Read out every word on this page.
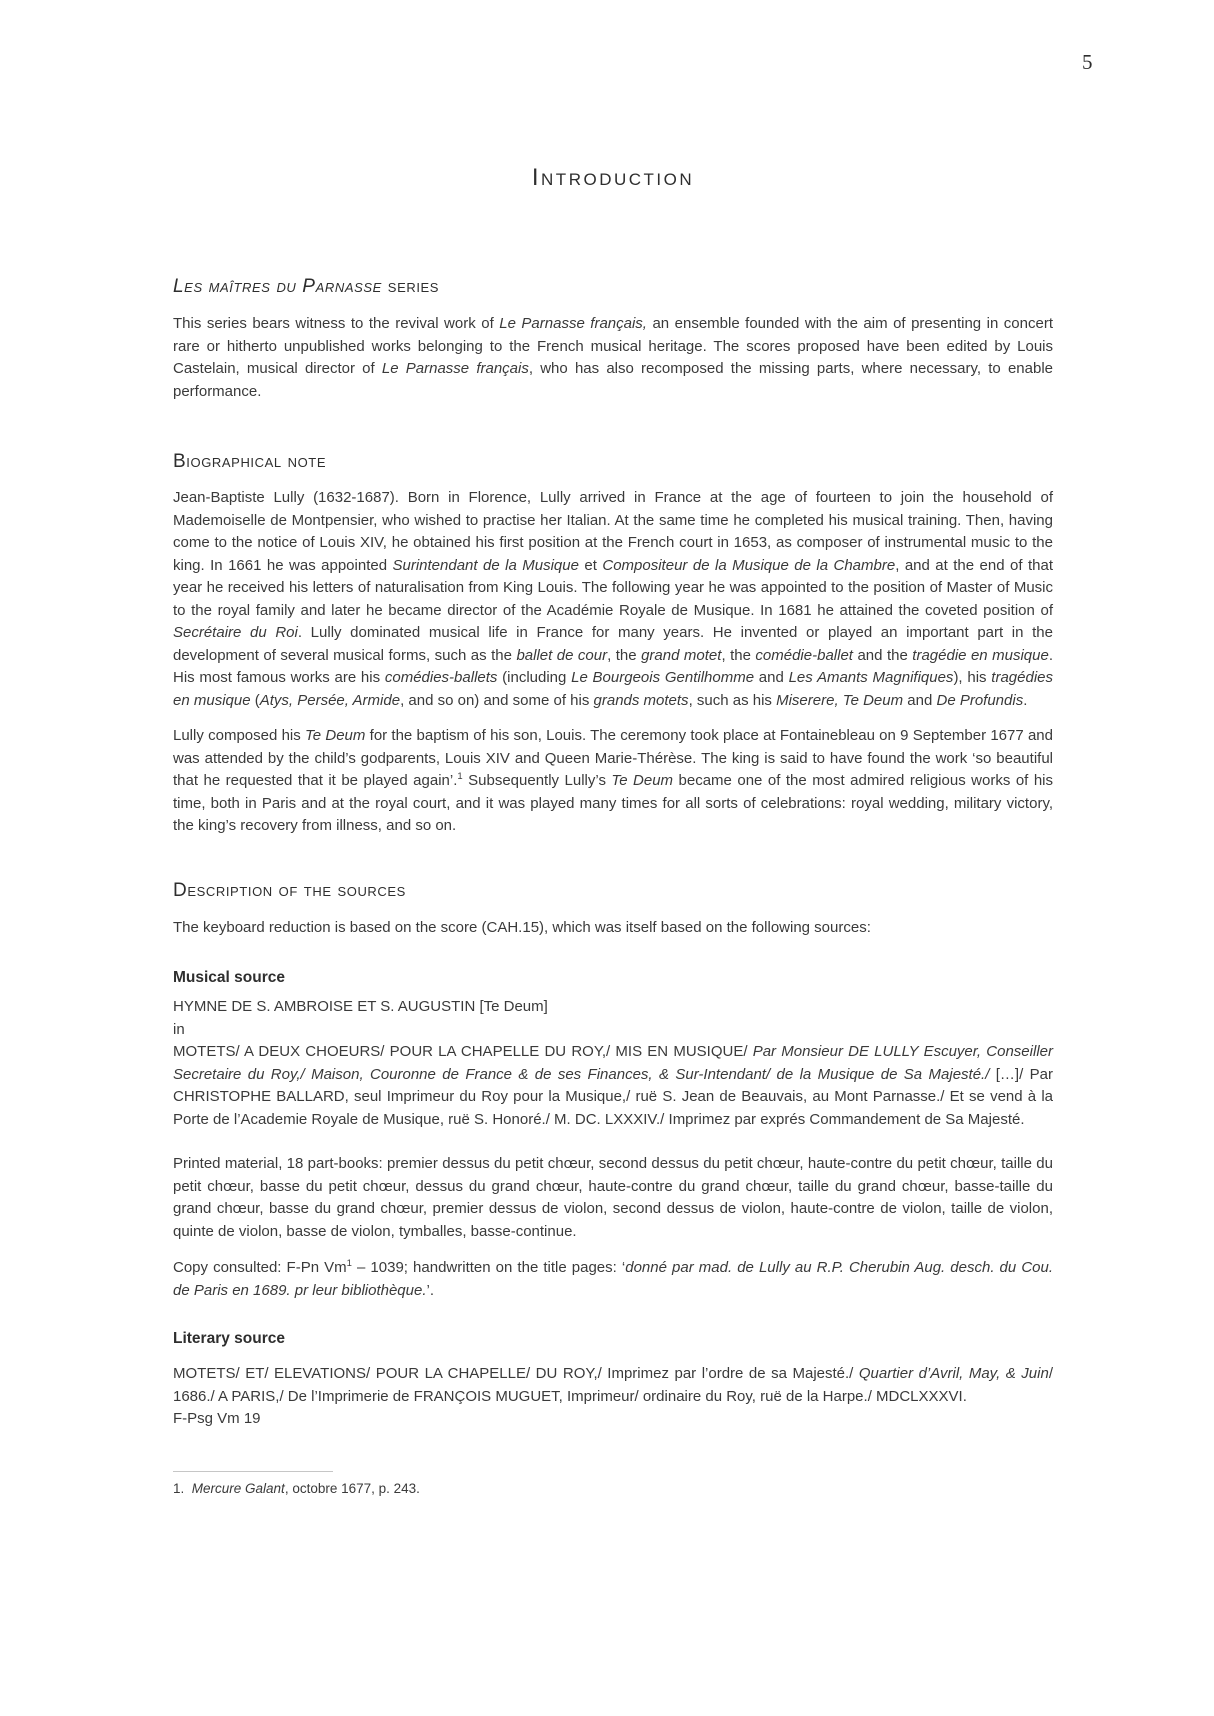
5
Introduction
Les maîtres du Parnasse series

This series bears witness to the revival work of Le Parnasse français, an ensemble founded with the aim of presenting in concert rare or hitherto unpublished works belonging to the French musical heritage. The scores proposed have been edited by Louis Castelain, musical director of Le Parnasse français, who has also recomposed the missing parts, where necessary, to enable performance.

Biographical note

Jean-Baptiste Lully (1632-1687). Born in Florence, Lully arrived in France at the age of fourteen to join the household of Mademoiselle de Montpensier, who wished to practise her Italian. At the same time he completed his musical training. Then, having come to the notice of Louis XIV, he obtained his first position at the French court in 1653, as composer of instrumental music to the king. In 1661 he was appointed Surintendant de la Musique et Compositeur de la Musique de la Chambre, and at the end of that year he received his letters of naturalisation from King Louis. The following year he was appointed to the position of Master of Music to the royal family and later he became director of the Académie Royale de Musique. In 1681 he attained the coveted position of Secrétaire du Roi. Lully dominated musical life in France for many years. He invented or played an important part in the development of several musical forms, such as the ballet de cour, the grand motet, the comédie-ballet and the tragédie en musique. His most famous works are his comédies-ballets (including Le Bourgeois Gentilhomme and Les Amants Magnifiques), his tragédies en musique (Atys, Persée, Armide, and so on) and some of his grands motets, such as his Miserere, Te Deum and De Profundis.

Lully composed his Te Deum for the baptism of his son, Louis. The ceremony took place at Fontainebleau on 9 September 1677 and was attended by the child’s godparents, Louis XIV and Queen Marie-Thérèse. The king is said to have found the work ‘so beautiful that he requested that it be played again’.$^1$ Subsequently Lully’s Te Deum became one of the most admired religious works of his time, both in Paris and at the royal court, and it was played many times for all sorts of celebrations: royal wedding, military victory, the king’s recovery from illness, and so on.

Description of the sources

The keyboard reduction is based on the score (CAH.15), which was itself based on the following sources:

Musical source

HYMNE DE S. AMBROISE ET S. AUGUSTIN [Te Deum]

in

MOTETS/ A DEUX CHOEURS/ POUR LA CHAPELLE DU ROY,/ MIS EN MUSIQUE/ Par Monsieur DE LULLY Escuyer, Conseiller Secretaire du Roy,/ Maison, Couronne de France & de ses Finances, & Sur-Intendant/ de la Musique de Sa Majesté./ […]/ Par CHRISTOPHE BALLARD, seul Imprimeur du Roy pour la Musique,/ ruë S. Jean de Beauvais, au Mont Parnasse./ Et se vend à la Porte de l’Academie Royale de Musique, ruë S. Honoré./ M. DC. LXXXIV./ Imprimez par exprés Commandement de Sa Majesté.

Printed material, 18 part-books: premier dessus du petit chœur, second dessus du petit chœur, haute-contre du petit chœur, taille du petit chœur, basse du petit chœur, dessus du grand chœur, haute-contre du grand chœur, taille du grand chœur, basse-taille du grand chœur, basse du grand chœur, premier dessus de violon, second dessus de violon, haute-contre de violon, taille de violon, quinte de violon, basse de violon, tymballes, basse-continue.

Copy consulted: F-Pn Vm$^1$ – 1039; handwritten on the title pages: ‘donné par mad. de Lully au R.P. Cherubin Aug. desch. du Cou. de Paris en 1689. pr leur bibliothèque.’.

Literary source

MOTETS/ ET/ ELEVATIONS/ POUR LA CHAPELLE/ DU ROY,/ Imprimez par l’ordre de sa Majesté./ Quartier d’Avril, May, & Juin/ 1686./ A PARIS,/ De l’Imprimerie de FRANÇOIS MUGUET, Imprimeur/ ordinaire du Roy, ruë de la Harpe./ MDCLXXXVI.

F-Psg Vm 19

1.  Mercure Galant, octobre 1677, p. 243.
